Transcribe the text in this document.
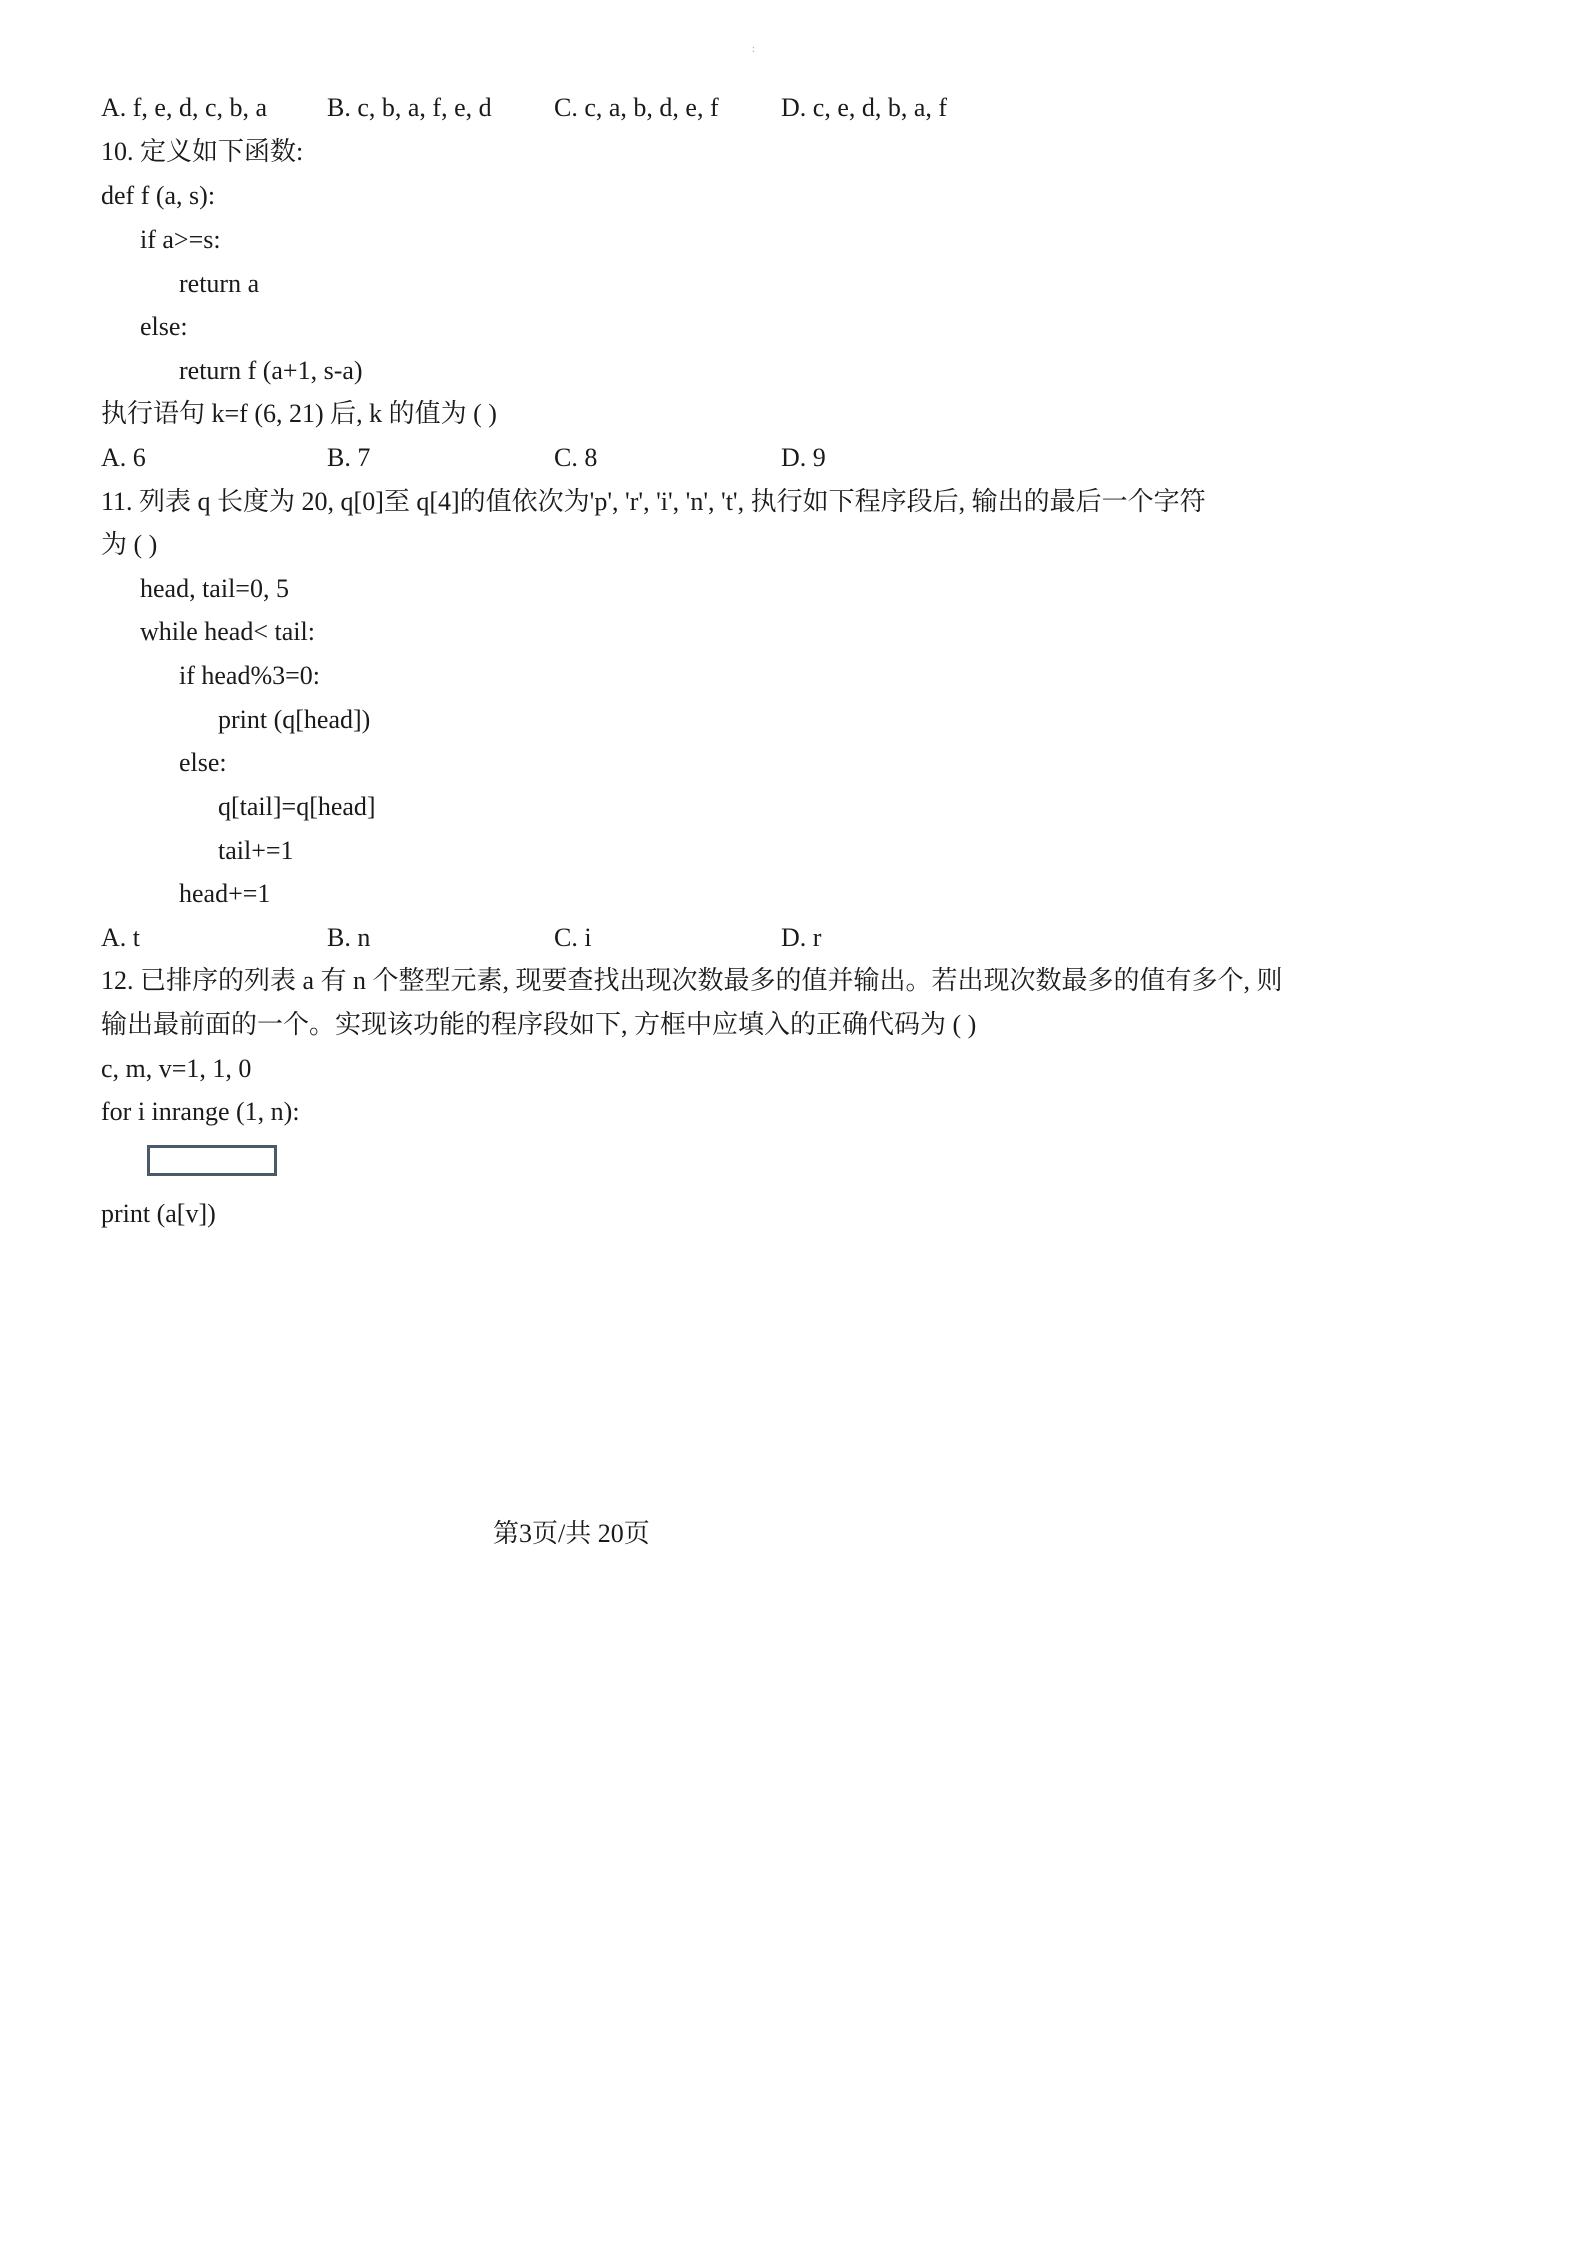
:
A. f, e, d, c, b, a B. c, b, a, f, e, d C. c, a, b, d, e, f D. c, e, d, b, a, f
10. 定义如下函数:
def f (a, s):
if a>=s:
return a
else:
return f (a+1, s-a)
执行语句 k=f (6, 21) 后, k 的值为 ( )
A. 6	B. 7	C. 8	D. 9
11. 列表 q 长度为 20, q[0]至 q[4]的值依次为'p', 'r', 'i', 'n', 't', 执行如下程序段后, 输出的最后一个字符
为 ( )
head, tail=0, 5
while head< tail:
if head%3=0:
print (q[head])
else:
q[tail]=q[head]
tail+=1
head+=1
A. t	B. n	C. i	D. r
12. 已排序的列表 a 有 n 个整型元素, 现要查找出现次数最多的值并输出。若出现次数最多的值有多个, 则
输出最前面的一个。实现该功能的程序段如下, 方框中应填入的正确代码为 ( )
c, m, v=1, 1, 0
for i inrange (1, n):
print (a[v])
第3页/共 20页
